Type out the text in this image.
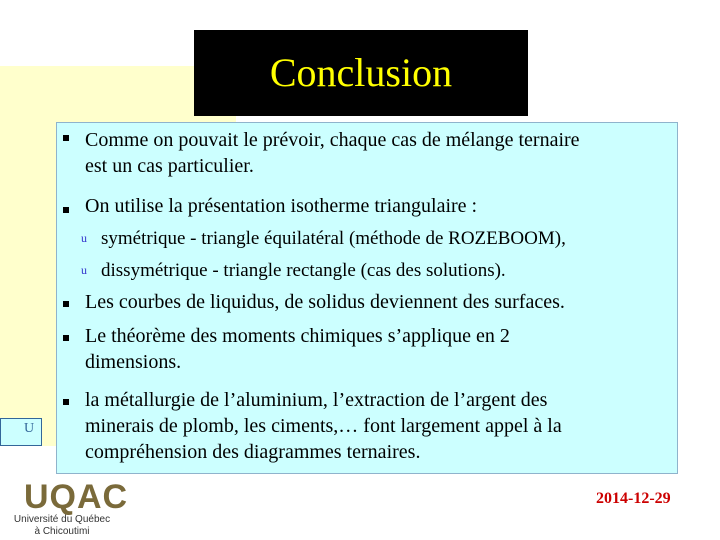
U
Conclusion
Comme on pouvait le prévoir, chaque cas de mélange ternaire
est un cas particulier.
On utilise la présentation isotherme triangulaire :
u symétrique - triangle équilatéral (méthode de ROZEBOOM),
u dissymétrique - triangle rectangle (cas des solutions).
Les courbes de liquidus, de solidus deviennent des surfaces.
Le théorème des moments chimiques s’applique en 2
dimensions.
la métallurgie de l’aluminium, l’extraction de l’argent des
minerais de plomb, les ciments,… font largement appel à la
compréhension des diagrammes ternaires.
UQAC
Université du Québec
à Chicoutimi
2014-12-29
